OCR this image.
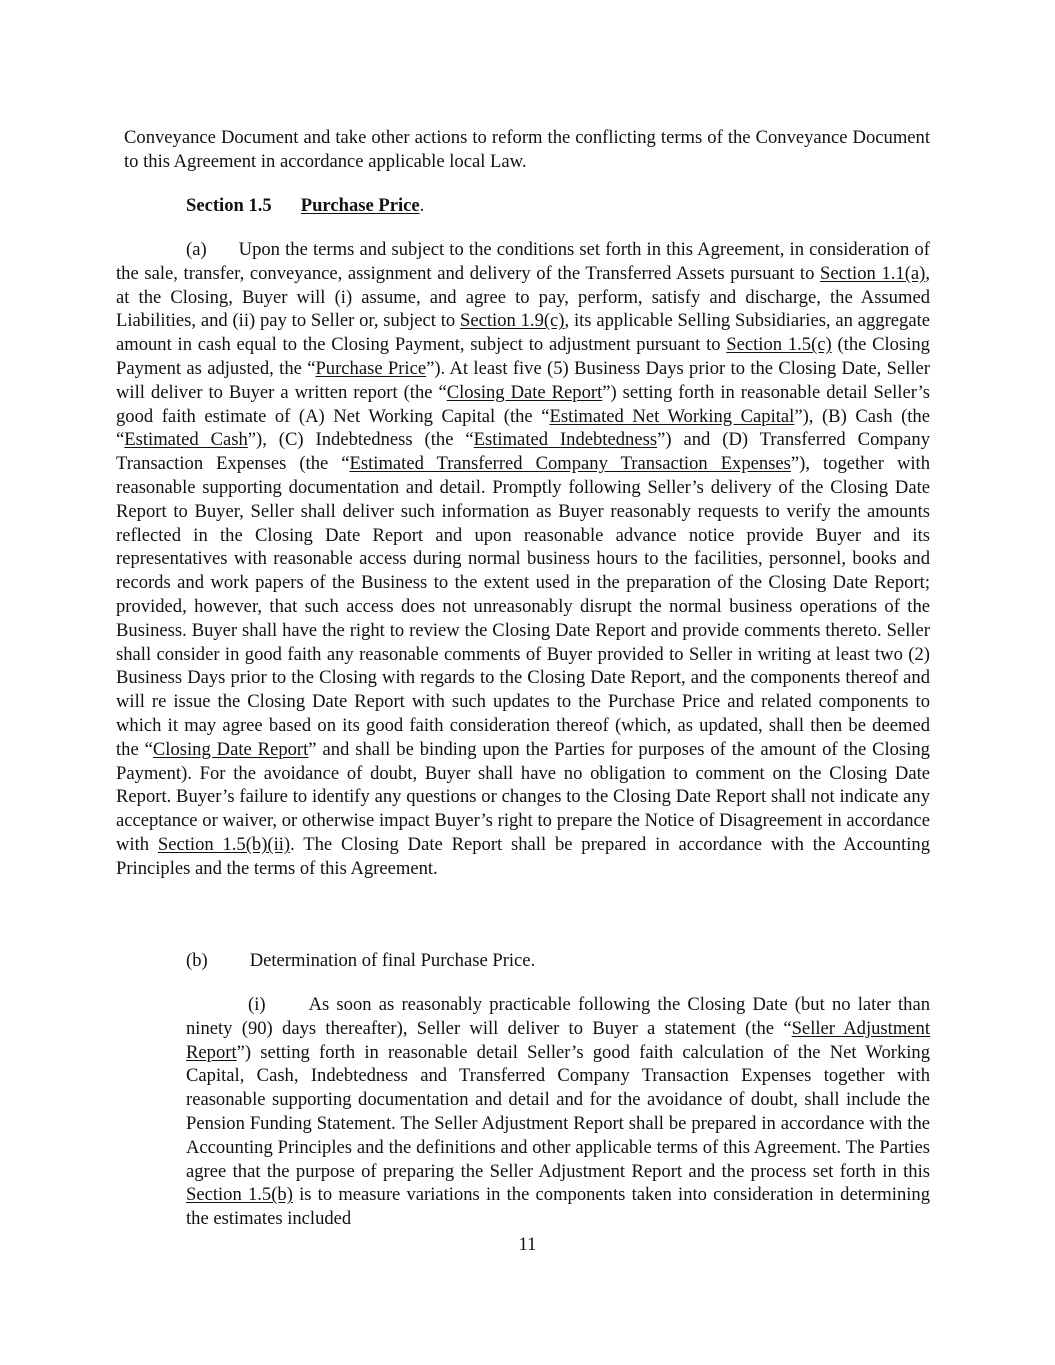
Conveyance Document and take other actions to reform the conflicting terms of the Conveyance Document to this Agreement in accordance applicable local Law.

Section 1.5 Purchase Price.

(a) Upon the terms and subject to the conditions set forth in this Agreement, in consideration of the sale, transfer, conveyance, assignment and delivery of the Transferred Assets pursuant to Section 1.1(a), at the Closing, Buyer will (i) assume, and agree to pay, perform, satisfy and discharge, the Assumed Liabilities, and (ii) pay to Seller or, subject to Section 1.9(c), its applicable Selling Subsidiaries, an aggregate amount in cash equal to the Closing Payment, subject to adjustment pursuant to Section 1.5(c) (the Closing Payment as adjusted, the “Purchase Price”). At least five (5) Business Days prior to the Closing Date, Seller will deliver to Buyer a written report (the “Closing Date Report”) setting forth in reasonable detail Seller’s good faith estimate of (A) Net Working Capital (the “Estimated Net Working Capital”), (B) Cash (the “Estimated Cash”), (C) Indebtedness (the “Estimated Indebtedness”) and (D) Transferred Company Transaction Expenses (the “Estimated Transferred Company Transaction Expenses”), together with reasonable supporting documentation and detail. Promptly following Seller’s delivery of the Closing Date Report to Buyer, Seller shall deliver such information as Buyer reasonably requests to verify the amounts reflected in the Closing Date Report and upon reasonable advance notice provide Buyer and its representatives with reasonable access during normal business hours to the facilities, personnel, books and records and work papers of the Business to the extent used in the preparation of the Closing Date Report; provided, however, that such access does not unreasonably disrupt the normal business operations of the Business. Buyer shall have the right to review the Closing Date Report and provide comments thereto. Seller shall consider in good faith any reasonable comments of Buyer provided to Seller in writing at least two (2) Business Days prior to the Closing with regards to the Closing Date Report, and the components thereof and will re issue the Closing Date Report with such updates to the Purchase Price and related components to which it may agree based on its good faith consideration thereof (which, as updated, shall then be deemed the “Closing Date Report” and shall be binding upon the Parties for purposes of the amount of the Closing Payment). For the avoidance of doubt, Buyer shall have no obligation to comment on the Closing Date Report. Buyer’s failure to identify any questions or changes to the Closing Date Report shall not indicate any acceptance or waiver, or otherwise impact Buyer’s right to prepare the Notice of Disagreement in accordance with Section 1.5(b)(ii). The Closing Date Report shall be prepared in accordance with the Accounting Principles and the terms of this Agreement.

(b) Determination of final Purchase Price.

(i) As soon as reasonably practicable following the Closing Date (but no later than ninety (90) days thereafter), Seller will deliver to Buyer a statement (the “Seller Adjustment Report”) setting forth in reasonable detail Seller’s good faith calculation of the Net Working Capital, Cash, Indebtedness and Transferred Company Transaction Expenses together with reasonable supporting documentation and detail and for the avoidance of doubt, shall include the Pension Funding Statement. The Seller Adjustment Report shall be prepared in accordance with the Accounting Principles and the definitions and other applicable terms of this Agreement. The Parties agree that the purpose of preparing the Seller Adjustment Report and the process set forth in this Section 1.5(b) is to measure variations in the components taken into consideration in determining the estimates included

11
